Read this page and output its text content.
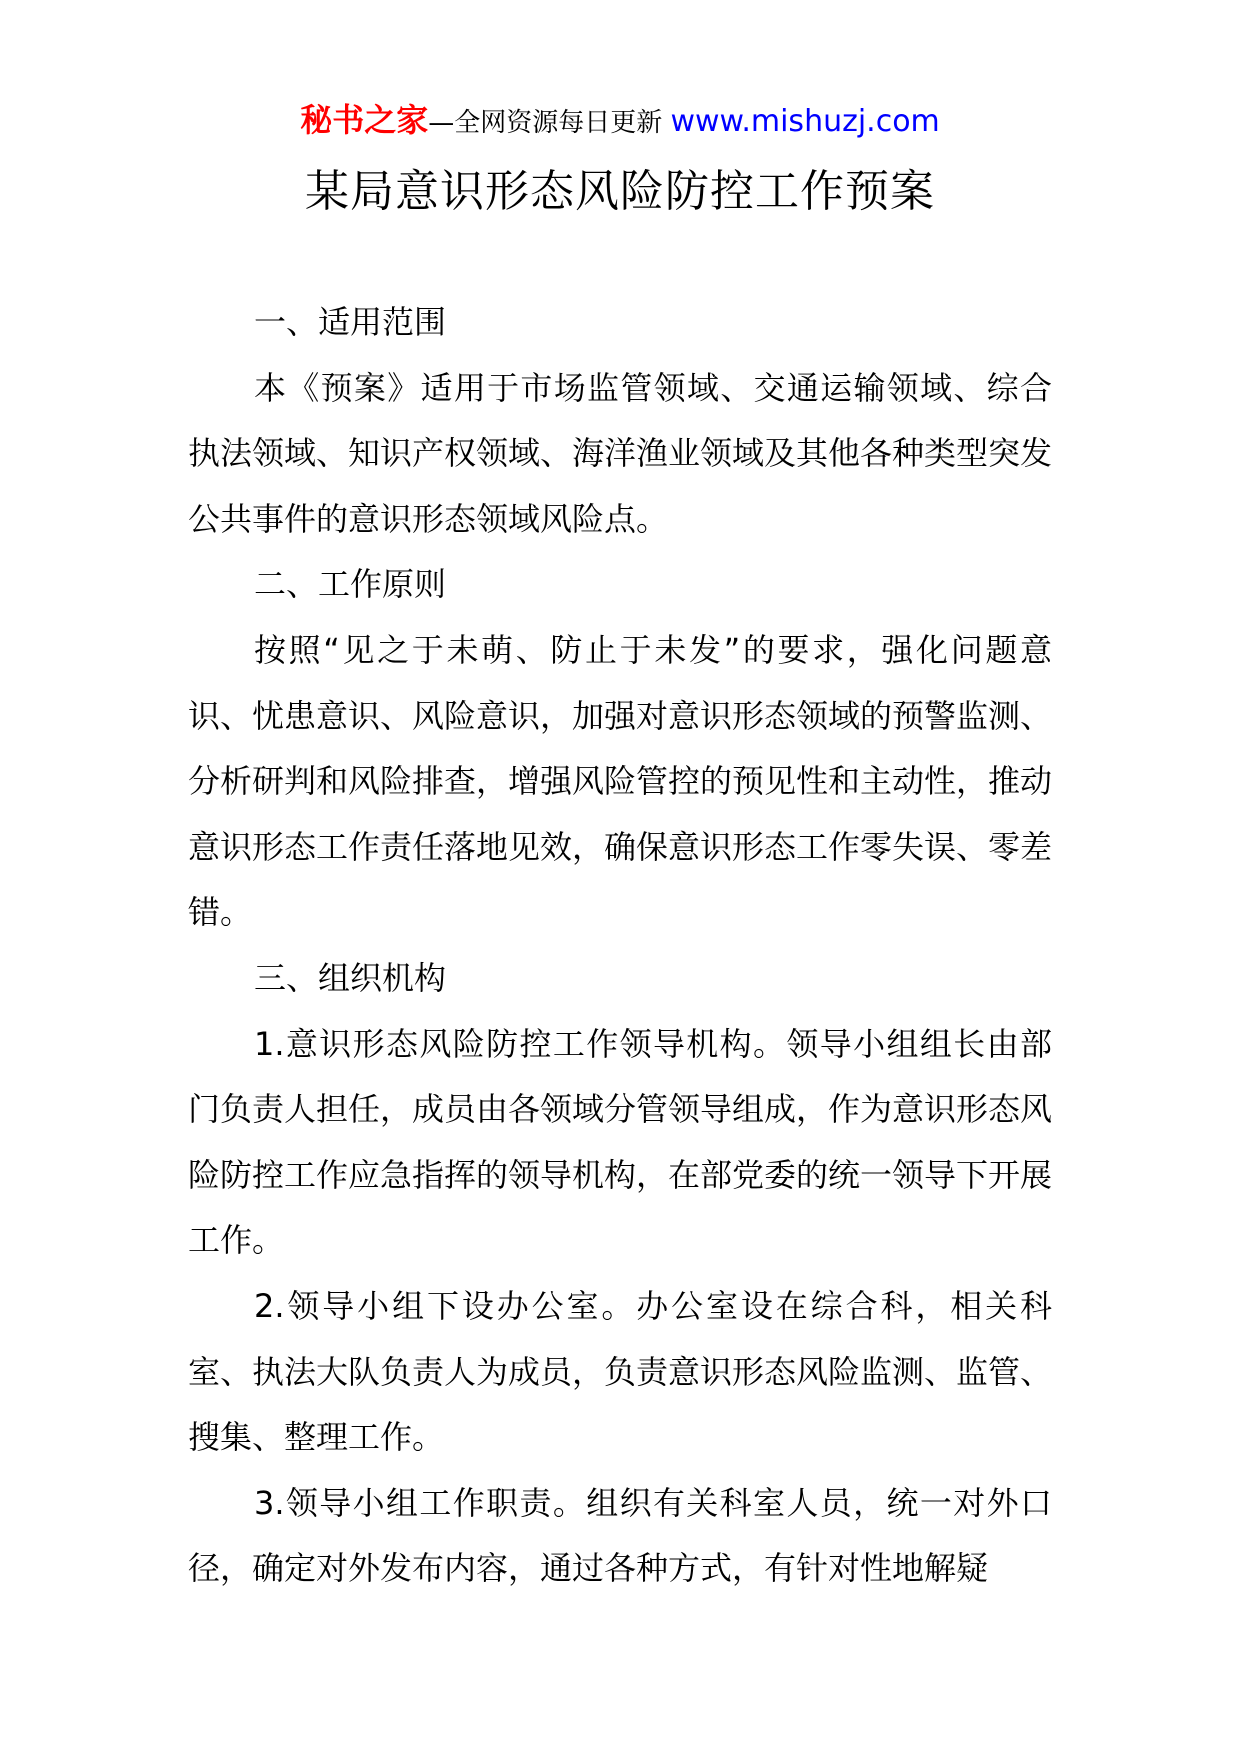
秘书之家—全网资源每日更新 www.mishuzj.com
某局意识形态风险防控工作预案

一、适用范围

本《预案》适用于市场监管领域、交通运输领域、综合执法领域、知识产权领域、海洋渔业领域及其他各种类型突发公共事件的意识形态领域风险点。

二、工作原则

按照“见之于未萌、防止于未发”的要求，强化问题意识、忧患意识、风险意识，加强对意识形态领域的预警监测、分析研判和风险排查，增强风险管控的预见性和主动性，推动意识形态工作责任落地见效，确保意识形态工作零失误、零差错。

三、组织机构

1.意识形态风险防控工作领导机构。领导小组组长由部门负责人担任，成员由各领域分管领导组成，作为意识形态风险防控工作应急指挥的领导机构，在部党委的统一领导下开展工作。

2.领导小组下设办公室。办公室设在综合科，相关科室、执法大队负责人为成员，负责意识形态风险监测、监管、搜集、整理工作。

3.领导小组工作职责。组织有关科室人员，统一对外口径，确定对外发布内容，通过各种方式，有针对性地解疑
